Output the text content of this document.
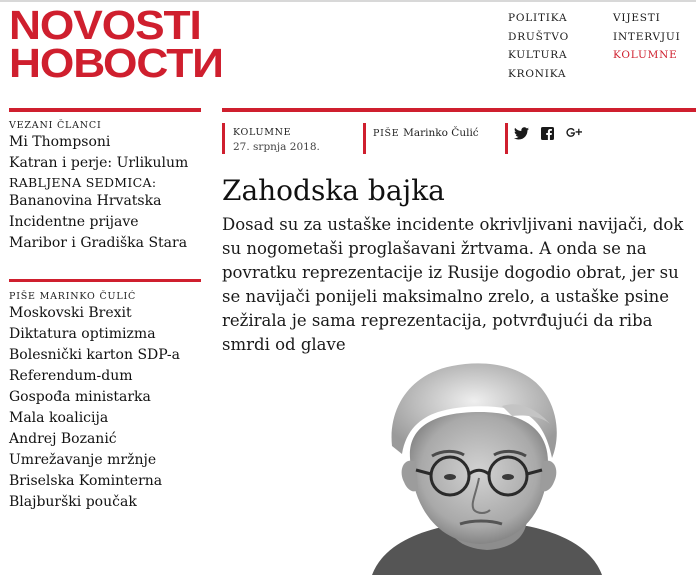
NOVOSTI
НОВОСТИ
POLITIKA
DRUŠTVO
KULTURA
KRONIKA
VIJESTI
INTERVJUI
KOLUMNE
VEZANI ČLANCI
Mi Thompsoni
Katran i perje: Urlikulum
RABLJENA SEDMICA:
Bananovina Hrvatska
Incidentne prijave
Maribor i Gradiška Stara
PIŠE MARINKO ČULIĆ
Moskovski Brexit
Diktatura optimizma
Bolesnički karton SDP-a
Referendum-dum
Gospođa ministarka
Mala koalicija
Andrej Bozanić
Umrežavanje mržnje
Briselska Kominterna
Blajburški poučak
KOLUMNE
27. srpnja 2018.
PIŠE Marinko Čulić
Zahodska bajka

Dosad su za ustaške incidente okrivljivani navijači, dok su nogometaši proglašavani žrtvama. A onda se na povratku reprezentacije iz Rusije dogodio obrat, jer su se navijači ponijeli maksimalno zrelo, a ustaške psine režirala je sama reprezentacija, potvrđujući da riba smrdi od glave
